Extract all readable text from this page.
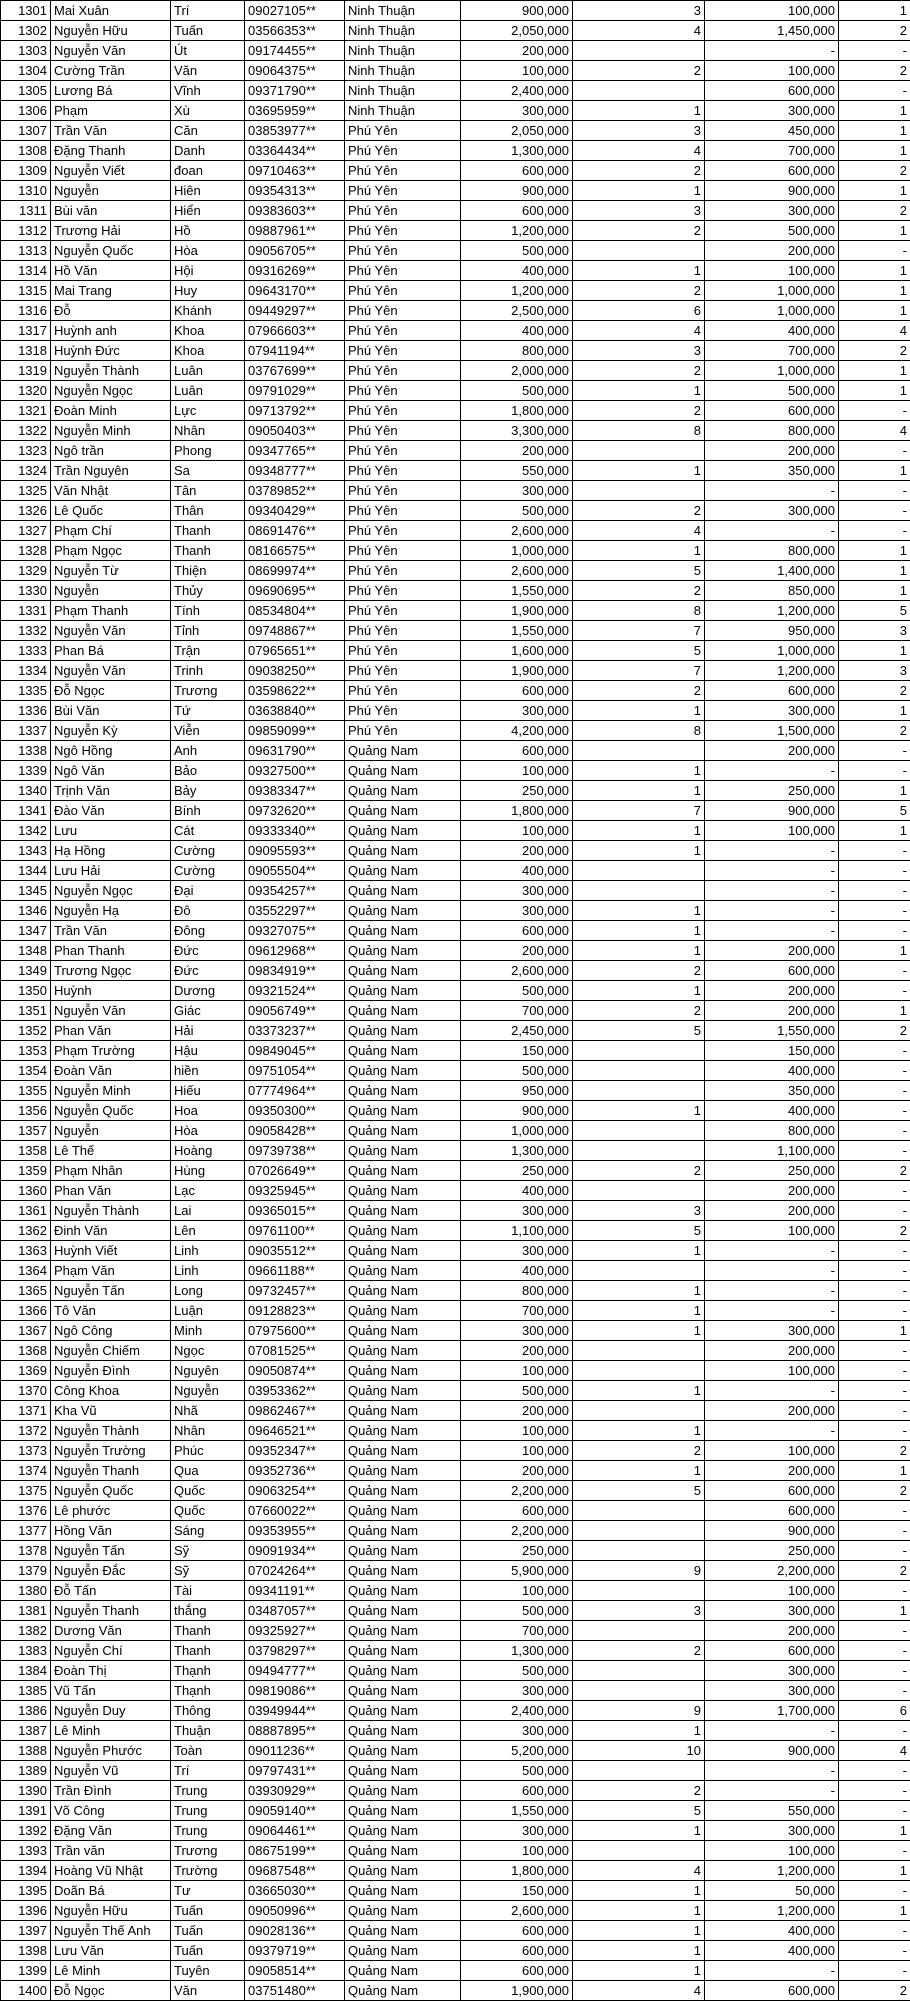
1301	Mai Xuân	Trí	09027105**	Ninh Thuận	900,000	3	100,000	1
1302	Nguyễn Hữu	Tuấn	03566353**	Ninh Thuận	2,050,000	4	1,450,000	2
1303	Nguyễn Văn	Út	09174455**	Ninh Thuận	200,000		-	-
1304	Cường Trần	Văn	09064375**	Ninh Thuận	100,000	2	100,000	2
1305	Lương Bá	Vĩnh	09371790**	Ninh Thuận	2,400,000		600,000	-
1306	Phạm	Xù	03695959**	Ninh Thuận	300,000	1	300,000	1
1307	Trần Văn	Căn	03853977**	Phú Yên	2,050,000	3	450,000	1
1308	Đặng Thanh	Danh	03364434**	Phú Yên	1,300,000	4	700,000	1
1309	Nguyễn Viết	đoan	09710463**	Phú Yên	600,000	2	600,000	2
1310	Nguyễn	Hiên	09354313**	Phú Yên	900,000	1	900,000	1
1311	Bùi văn	Hiển	09383603**	Phú Yên	600,000	3	300,000	2
1312	Trương Hải	Hồ	09887961**	Phú Yên	1,200,000	2	500,000	1
1313	Nguyễn Quốc	Hòa	09056705**	Phú Yên	500,000		200,000	-
1314	Hồ Văn	Hội	09316269**	Phú Yên	400,000	1	100,000	1
1315	Mai Trang	Huy	09643170**	Phú Yên	1,200,000	2	1,000,000	1
1316	Đỗ	Khánh	09449297**	Phú Yên	2,500,000	6	1,000,000	1
1317	Huỳnh anh	Khoa	07966603**	Phú Yên	400,000	4	400,000	4
1318	Huỳnh Đức	Khoa	07941194**	Phú Yên	800,000	3	700,000	2
1319	Nguyễn Thành	Luân	03767699**	Phú Yên	2,000,000	2	1,000,000	1
1320	Nguyễn Ngọc	Luân	09791029**	Phú Yên	500,000	1	500,000	1
1321	Đoàn Minh	Lực	09713792**	Phú Yên	1,800,000	2	600,000	-
1322	Nguyễn Minh	Nhân	09050403**	Phú Yên	3,300,000	8	800,000	4
1323	Ngô trần	Phong	09347765**	Phú Yên	200,000		200,000	-
1324	Trần Nguyên	Sa	09348777**	Phú Yên	550,000	1	350,000	1
1325	Văn Nhật	Tân	03789852**	Phú Yên	300,000		-	-
1326	Lê Quốc	Thân	09340429**	Phú Yên	500,000	2	300,000	-
1327	Phạm Chí	Thanh	08691476**	Phú Yên	2,600,000	4	-	-
1328	Phạm Ngọc	Thanh	08166575**	Phú Yên	1,000,000	1	800,000	1
1329	Nguyễn Từ	Thiện	08699974**	Phú Yên	2,600,000	5	1,400,000	1
1330	Nguyễn	Thủy	09690695**	Phú Yên	1,550,000	2	850,000	1
1331	Phạm Thanh	Tính	08534804**	Phú Yên	1,900,000	8	1,200,000	5
1332	Nguyễn Văn	Tỉnh	09748867**	Phú Yên	1,550,000	7	950,000	3
1333	Phan Bá	Trận	07965651**	Phú Yên	1,600,000	5	1,000,000	1
1334	Nguyễn Văn	Trinh	09038250**	Phú Yên	1,900,000	7	1,200,000	3
1335	Đỗ Ngọc	Trương	03598622**	Phú Yên	600,000	2	600,000	2
1336	Bùi Văn	Tứ	03638840**	Phú Yên	300,000	1	300,000	1
1337	Nguyễn Kỳ	Viễn	09859099**	Phú Yên	4,200,000	8	1,500,000	2
1338	Ngô Hồng	Anh	09631790**	Quảng Nam	600,000		200,000	-
1339	Ngô Văn	Bảo	09327500**	Quảng Nam	100,000	1	-	-
1340	Trịnh Văn	Bảy	09383347**	Quảng Nam	250,000	1	250,000	1
1341	Đào Văn	Bính	09732620**	Quảng Nam	1,800,000	7	900,000	5
1342	Lưu	Cát	09333340**	Quảng Nam	100,000	1	100,000	1
1343	Hạ Hồng	Cường	09095593**	Quảng Nam	200,000	1	-	-
1344	Lưu Hải	Cường	09055504**	Quảng Nam	400,000		-	-
1345	Nguyễn Ngọc	Đại	09354257**	Quảng Nam	300,000		-	-
1346	Nguyễn Hạ	Đô	03552297**	Quảng Nam	300,000	1	-	-
1347	Trần Văn	Đông	09327075**	Quảng Nam	600,000	1	-	-
1348	Phan Thanh	Đức	09612968**	Quảng Nam	200,000	1	200,000	1
1349	Trương Ngọc	Đức	09834919**	Quảng Nam	2,600,000	2	600,000	-
1350	Huỳnh	Dương	09321524**	Quảng Nam	500,000	1	200,000	-
1351	Nguyễn Văn	Giác	09056749**	Quảng Nam	700,000	2	200,000	1
1352	Phan Văn	Hải	03373237**	Quảng Nam	2,450,000	5	1,550,000	2
1353	Phạm Trường	Hậu	09849045**	Quảng Nam	150,000		150,000	-
1354	Đoàn Văn	hiền	09751054**	Quảng Nam	500,000		400,000	-
1355	Nguyễn Minh	Hiếu	07774964**	Quảng Nam	950,000		350,000	-
1356	Nguyễn Quốc	Hoa	09350300**	Quảng Nam	900,000	1	400,000	-
1357	Nguyễn	Hòa	09058428**	Quảng Nam	1,000,000		800,000	-
1358	Lê Thế	Hoàng	09739738**	Quảng Nam	1,300,000		1,100,000	-
1359	Phạm Nhân	Hùng	07026649**	Quảng Nam	250,000	2	250,000	2
1360	Phan Văn	Lạc	09325945**	Quảng Nam	400,000		200,000	-
1361	Nguyễn Thành	Lai	09365015**	Quảng Nam	300,000	3	200,000	-
1362	Đinh Văn	Lên	09761100**	Quảng Nam	1,100,000	5	100,000	2
1363	Huỳnh Viết	Linh	09035512**	Quảng Nam	300,000	1	-	-
1364	Phạm Văn	Linh	09661188**	Quảng Nam	400,000		-	-
1365	Nguyễn Tấn	Long	09732457**	Quảng Nam	800,000	1	-	-
1366	Tô Văn	Luận	09128823**	Quảng Nam	700,000	1	-	-
1367	Ngô Công	Minh	07975600**	Quảng Nam	300,000	1	300,000	1
1368	Nguyễn Chiếm	Ngọc	07081525**	Quảng Nam	200,000		200,000	-
1369	Nguyễn Đình	Nguyên	09050874**	Quảng Nam	100,000		100,000	-
1370	Công Khoa	Nguyễn	03953362**	Quảng Nam	500,000	1	-	-
1371	Kha Vũ	Nhã	09862467**	Quảng Nam	200,000		200,000	-
1372	Nguyễn Thành	Nhân	09646521**	Quảng Nam	100,000	1	-	-
1373	Nguyễn Trường	Phúc	09352347**	Quảng Nam	100,000	2	100,000	2
1374	Nguyễn Thanh	Qua	09352736**	Quảng Nam	200,000	1	200,000	1
1375	Nguyễn Quốc	Quốc	09063254**	Quảng Nam	2,200,000	5	600,000	2
1376	Lê phước	Quốc	07660022**	Quảng Nam	600,000		600,000	-
1377	Hồng Văn	Sáng	09353955**	Quảng Nam	2,200,000		900,000	-
1378	Nguyễn Tấn	Sỹ	09091934**	Quảng Nam	250,000		250,000	-
1379	Nguyễn Đắc	Sỹ	07024264**	Quảng Nam	5,900,000	9	2,200,000	2
1380	Đỗ Tấn	Tài	09341191**	Quảng Nam	100,000		100,000	-
1381	Nguyễn Thanh	thắng	03487057**	Quảng Nam	500,000	3	300,000	1
1382	Dương Văn	Thanh	09325927**	Quảng Nam	700,000		200,000	-
1383	Nguyễn Chí	Thanh	03798297**	Quảng Nam	1,300,000	2	600,000	-
1384	Đoàn Thị	Thạnh	09494777**	Quảng Nam	500,000		300,000	-
1385	Vũ Tấn	Thạnh	09819086**	Quảng Nam	300,000		300,000	-
1386	Nguyễn Duy	Thông	03949944**	Quảng Nam	2,400,000	9	1,700,000	6
1387	Lê Minh	Thuận	08887895**	Quảng Nam	300,000	1	-	-
1388	Nguyễn Phước	Toàn	09011236**	Quảng Nam	5,200,000	10	900,000	4
1389	Nguyễn Vũ	Trí	09797431**	Quảng Nam	500,000		-	-
1390	Trần Đình	Trung	03930929**	Quảng Nam	600,000	2	-	-
1391	Võ Công	Trung	09059140**	Quảng Nam	1,550,000	5	550,000	-
1392	Đặng Văn	Trung	09064461**	Quảng Nam	300,000	1	300,000	1
1393	Trần văn	Trương	08675199**	Quảng Nam	100,000		100,000	-
1394	Hoàng Vũ Nhật	Trường	09687548**	Quảng Nam	1,800,000	4	1,200,000	1
1395	Doãn Bá	Tư	03665030**	Quảng Nam	150,000	1	50,000	-
1396	Nguyễn Hữu	Tuấn	09050996**	Quảng Nam	2,600,000	1	1,200,000	1
1397	Nguyễn Thế Anh	Tuấn	09028136**	Quảng Nam	600,000	1	400,000	-
1398	Lưu Văn	Tuấn	09379719**	Quảng Nam	600,000	1	400,000	-
1399	Lê Minh	Tuyên	09058514**	Quảng Nam	600,000	1	-	-
1400	Đỗ Ngọc	Văn	03751480**	Quảng Nam	1,900,000	4	600,000	2
